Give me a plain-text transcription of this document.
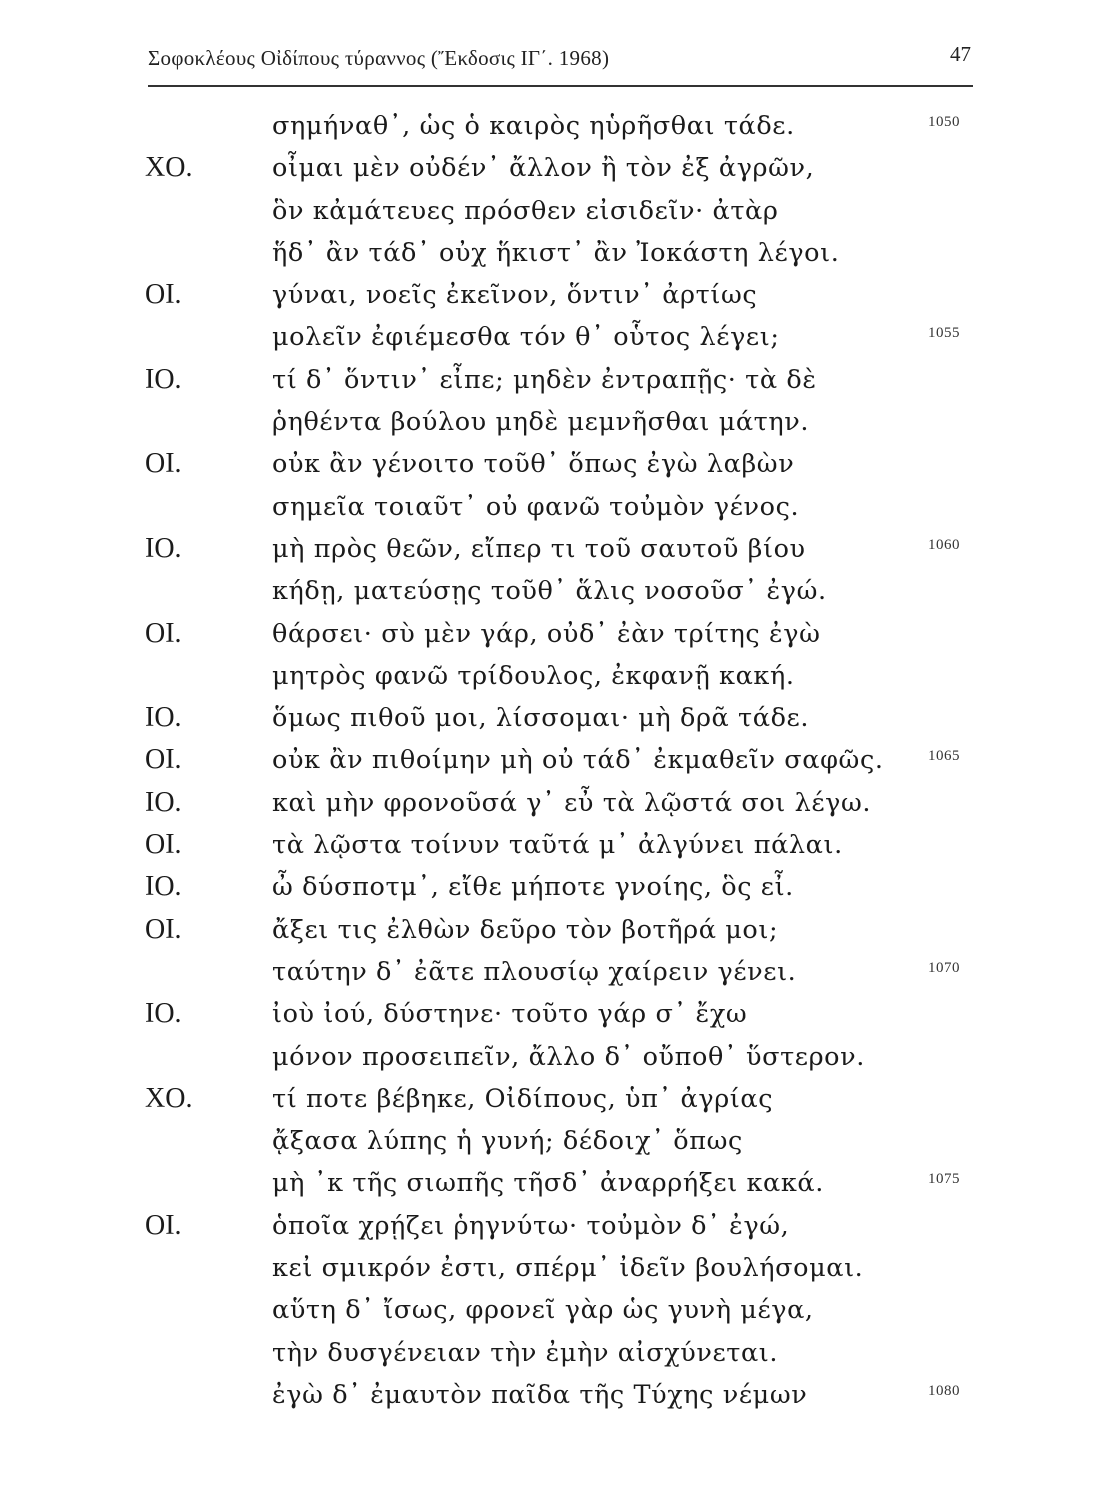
Σοφοκλέους Οἰδίπους τύραννος (Ἔκδοσις ΙΓ΄. 1968)	47
σημήναθ᾽, ὡς ὁ καιρὸς ηὑρῆσθαι τάδε.	1050
ΧΟ.	οἶμαι μὲν οὐδέν᾽ ἄλλον ἢ τὸν ἐξ ἀγρῶν,
ὃν κἀμάτευες πρόσθεν εἰσιδεῖν· ἀτὰρ
ἥδ᾽ ἂν τάδ᾽ οὐχ ἥκιστ᾽ ἂν Ἰοκάστη λέγοι.
ΟΙ.	γύναι, νοεῖς ἐκεῖνον, ὅντιν᾽ ἀρτίως
μολεῖν ἐφιέμεσθα τόν θ᾽ οὗτος λέγει;	1055
ΙΟ.	τί δ᾽ ὅντιν᾽ εἶπε; μηδὲν ἐντραπῇς· τὰ δὲ
ῥηθέντα βούλου μηδὲ μεμνῆσθαι μάτην.
ΟΙ.	οὐκ ἂν γένοιτο τοῦθ᾽ ὅπως ἐγὼ λαβὼν
σημεῖα τοιαῦτ᾽ οὐ φανῶ τοὐμὸν γένος.
ΙΟ.	μὴ πρὸς θεῶν, εἴπερ τι τοῦ σαυτοῦ βίου	1060
κήδῃ, ματεύσῃς τοῦθ᾽ ἅλις νοσοῦσ᾽ ἐγώ.
ΟΙ.	θάρσει· σὺ μὲν γάρ, οὐδ᾽ ἐὰν τρίτης ἐγὼ
μητρὸς φανῶ τρίδουλος, ἐκφανῇ κακή.
ΙΟ.	ὅμως πιθοῦ μοι, λίσσομαι· μὴ δρᾶ τάδε.
ΟΙ.	οὐκ ἂν πιθοίμην μὴ οὐ τάδ᾽ ἐκμαθεῖν σαφῶς.	1065
ΙΟ.	καὶ μὴν φρονοῦσά γ᾽ εὖ τὰ λῷστά σοι λέγω.
ΟΙ.	τὰ λῷστα τοίνυν ταῦτά μ᾽ ἀλγύνει πάλαι.
ΙΟ.	ὦ δύσποτμ᾽, εἴθε μήποτε γνοίης, ὃς εἶ.
ΟΙ.	ἄξει τις ἐλθὼν δεῦρο τὸν βοτῆρά μοι;
ταύτην δ᾽ ἐᾶτε πλουσίῳ χαίρειν γένει.	1070
ΙΟ.	ἰοὺ ἰού, δύστηνε· τοῦτο γάρ σ᾽ ἔχω
μόνον προσειπεῖν, ἄλλο δ᾽ οὔποθ᾽ ὕστερον.
ΧΟ.	τί ποτε βέβηκε, Οἰδίπους, ὑπ᾽ ἀγρίας
ᾄξασα λύπης ἡ γυνή; δέδοιχ᾽ ὅπως
μὴ ᾽κ τῆς σιωπῆς τῆσδ᾽ ἀναρρήξει κακά.	1075
ΟΙ.	ὁποῖα χρῄζει ῥηγνύτω· τοὐμὸν δ᾽ ἐγώ,
κεἰ σμικρόν ἐστι, σπέρμ᾽ ἰδεῖν βουλήσομαι.
αὕτη δ᾽ ἴσως, φρονεῖ γὰρ ὡς γυνὴ μέγα,
τὴν δυσγένειαν τὴν ἐμὴν αἰσχύνεται.
ἐγὼ δ᾽ ἐμαυτὸν παῖδα τῆς Τύχης νέμων	1080
